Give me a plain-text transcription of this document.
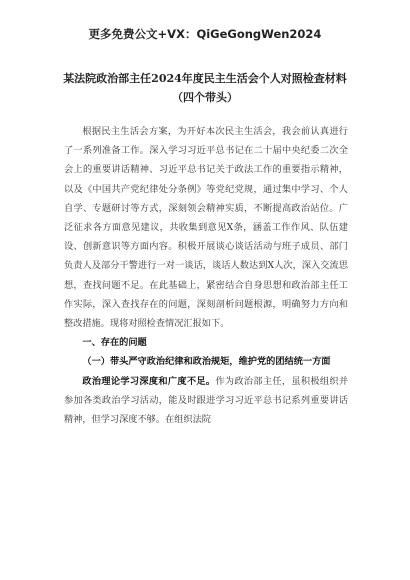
更多免费公文+VX：QiGeGongWen2024
某法院政治部主任2024年度民主生活会个人对照检查材料
（四个带头）

根据民主生活会方案，为开好本次民主生活会，我会前认真进行了一系列准备工作。深入学习习近平总书记在二十届中央纪委二次全会上的重要讲话精神、习近平总书记关于政法工作的重要指示精神，以及《中国共产党纪律处分条例》等党纪党规，通过集中学习、个人自学、专题研讨等方式，深刻领会精神实质，不断提高政治站位。广泛征求各方面意见建议，共收集到意见X条，涵盖工作作风、队伍建设、创新意识等方面内容。积极开展谈心谈话活动与班子成员、部门负责人及部分干警进行一对一谈话，谈话人数达到X人次，深入交流思想，查找问题不足。在此基础上，紧密结合自身思想和政治部主任工作实际，深入查找存在的问题，深刻剖析问题根源，明确努力方向和整改措施。现将对照检查情况汇报如下。

一、存在的问题

（一）带头严守政治纪律和政治规矩，维护党的团结统一方面

政治理论学习深度和广度不足。作为政治部主任，虽积极组织并参加各类政治学习活动，能及时跟进学习习近平总书记系列重要讲话精神，但学习深度不够。在组织法院
